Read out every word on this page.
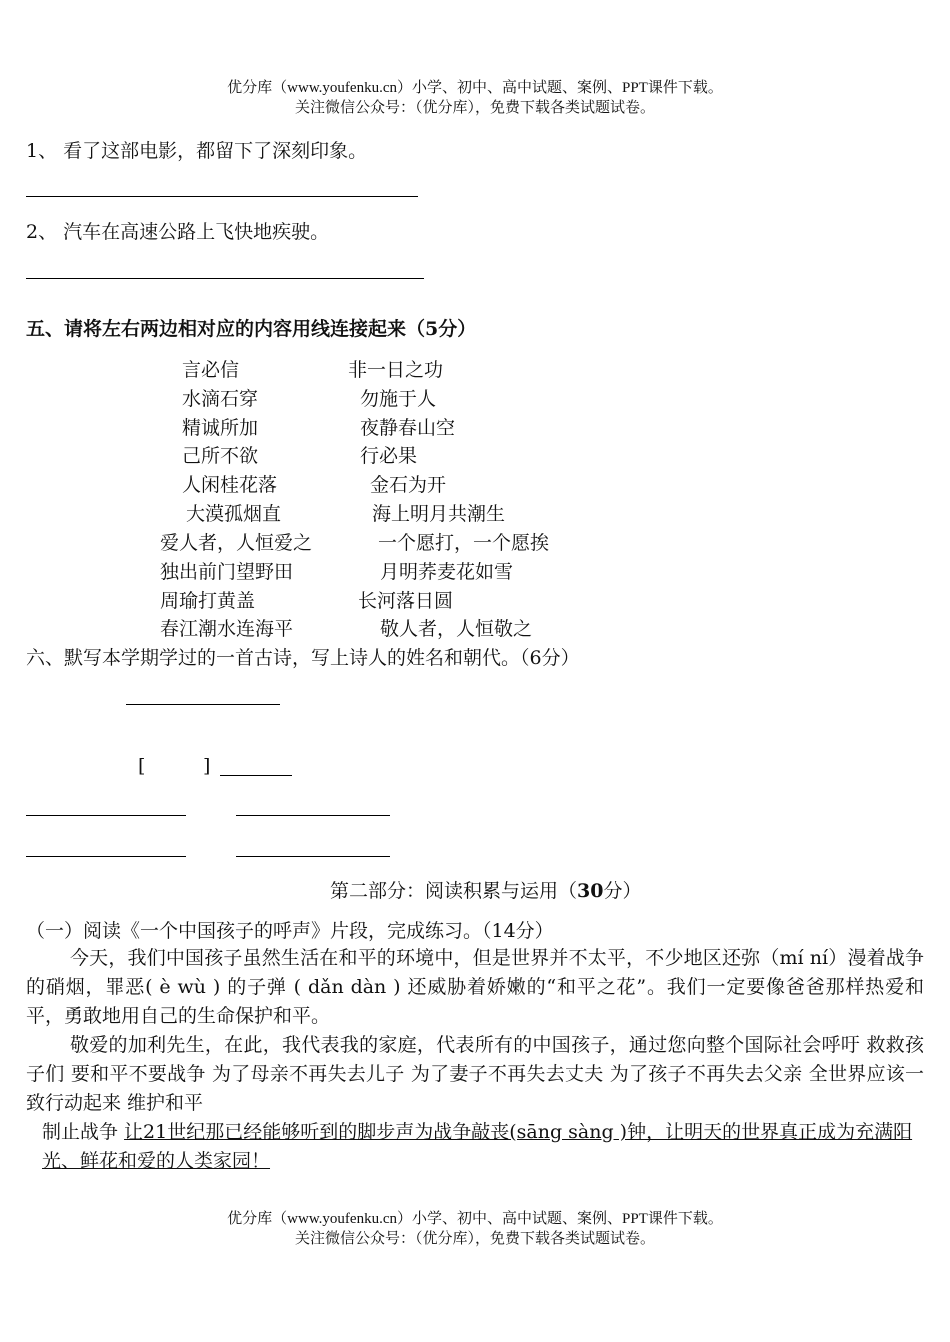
优分库（www.youfenku.cn）小学、初中、高中试题、案例、PPT课件下载。
关注微信公众号：（优分库），免费下载各类试题试卷。
1、 看了这部电影，都留下了深刻印象。
2、 汽车在高速公路上飞快地疾驶。
五、请将左右两边相对应的内容用线连接起来（5分）
言必信	非一日之功
水滴石穿	勿施于人
精诚所加	夜静春山空
己所不欲	行必果
人闲桂花落	金石为开
大漠孤烟直	海上明月共潮生
爱人者，人恒爱之	一个愿打，一个愿挨
独出前门望野田	月明荞麦花如雪
周瑜打黄盖	长河落日圆
春江潮水连海平	敬人者，人恒敬之
六、默写本学期学过的一首古诗，写上诗人的姓名和朝代。（6分）
[	]
第二部分：阅读积累与运用（30分）
（一）阅读《一个中国孩子的呼声》片段，完成练习。（14分）
今天，我们中国孩子虽然生活在和平的环境中，但是世界并不太平，不少地区还弥（mí ní）漫着战争的硝烟，罪恶( è wù ) 的子弹 ( dǎn dàn ) 还威胁着娇嫩的“和平之花”。我们一定要像爸爸那样热爱和平，勇敢地用自己的生命保护和平。
敬爱的加利先生，在此，我代表我的家庭，代表所有的中国孩子，通过您向整个国际社会呼吁 救救孩子们 要和平不要战争 为了母亲不再失去儿子 为了妻子不再失去丈夫 为了孩子不再失去父亲 全世界应该一致行动起来 维护和平
制止战争 让21世纪那已经能够听到的脚步声为战争敲丧(sāng sàng )钟，让明天的世界真正成为充满阳光、鲜花和爱的人类家园！
优分库（www.youfenku.cn）小学、初中、高中试题、案例、PPT课件下载。
关注微信公众号：（优分库），免费下载各类试题试卷。
